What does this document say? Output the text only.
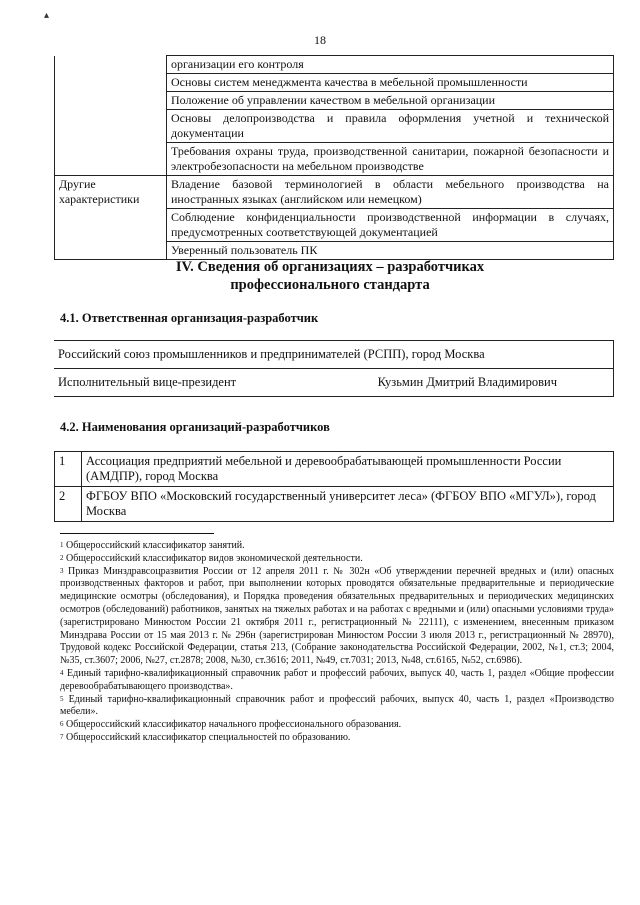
▴
18
	организации его контроля
	Основы систем менеджмента качества в мебельной промышленности
	Положение об управлении качеством в мебельной организации
	Основы делопроизводства и правила оформления учетной и технической документации
	Требования охраны труда, производственной санитарии, пожарной безопасности и электробезопасности на мебельном производстве
Другие характеристики	Владение базовой терминологией в области мебельного производства на иностранных языках (английском или немецком)
	Соблюдение конфиденциальности производственной информации в случаях, предусмотренных соответствующей документацией
	Уверенный пользователь ПК
IV. Сведения об организациях – разработчиках
профессионального стандарта
4.1. Ответственная организация-разработчик
Российский союз промышленников и предпринимателей (РСПП), город Москва
Исполнительный вице-президент	Кузьмин Дмитрий Владимирович
4.2. Наименования организаций-разработчиков
1	Ассоциация предприятий мебельной и деревообрабатывающей промышленности России (АМДПР), город Москва
2	ФГБОУ ВПО «Московский государственный университет леса» (ФГБОУ ВПО «МГУЛ»), город Москва

$^1$ Общероссийский классификатор занятий.

$^2$ Общероссийский классификатор видов экономической деятельности.

$^3$ Приказ Минздравсоцразвития России от 12 апреля 2011 г. № 302н «Об утверждении перечней вредных и (или) опасных производственных факторов и работ, при выполнении которых проводятся обязательные предварительные и периодические медицинские осмотры (обследования), и Порядка проведения обязательных предварительных и периодических медицинских осмотров (обследований) работников, занятых на тяжелых работах и на работах с вредными и (или) опасными условиями труда» (зарегистрировано Минюстом России 21 октября 2011 г., регистрационный № 22111), с изменением, внесенным приказом Минздрава России от 15 мая 2013 г. № 296н (зарегистрирован Минюстом России 3 июля 2013 г., регистрационный № 28970), Трудовой кодекс Российской Федерации, статья 213, (Собрание законодательства Российской Федерации, 2002, №1, ст.3; 2004, №35, ст.3607; 2006, №27, ст.2878; 2008, №30, ст.3616; 2011, №49, ст.7031; 2013, №48, ст.6165, №52, ст.6986).

$^4$ Единый тарифно-квалификационный справочник работ и профессий рабочих, выпуск 40, часть 1, раздел «Общие профессии деревообрабатывающего производства».

$^5$ Единый тарифно-квалификационный справочник работ и профессий рабочих, выпуск 40, часть 1, раздел «Производство мебели».

$^6$ Общероссийский классификатор начального профессионального образования.

$^7$ Общероссийский классификатор специальностей по образованию.
